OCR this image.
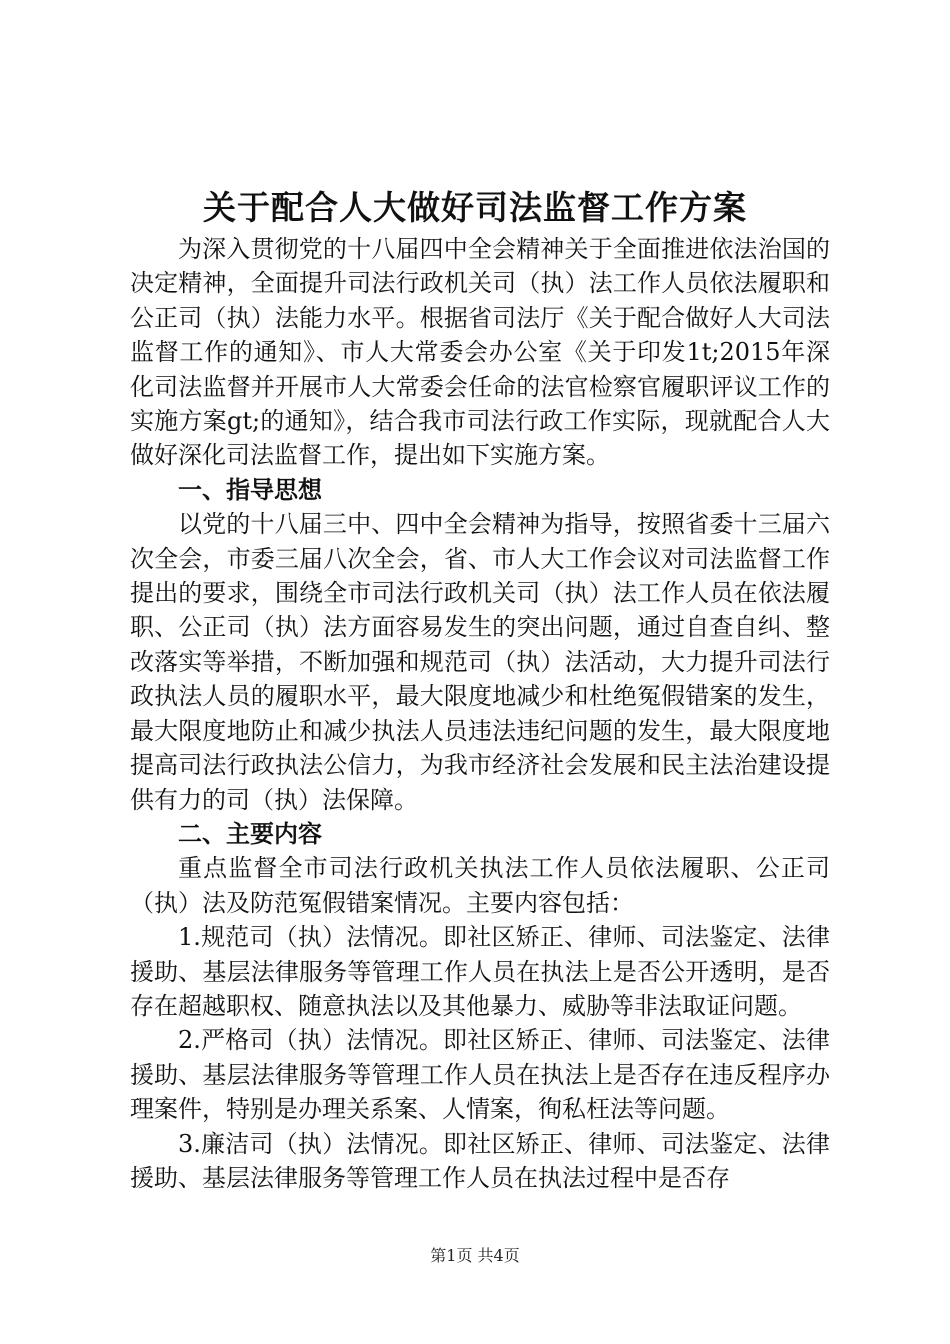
关于配合人大做好司法监督工作方案

为深入贯彻党的十八届四中全会精神关于全面推进依法治国的决定精神，全面提升司法行政机关司（执）法工作人员依法履职和公正司（执）法能力水平。根据省司法厅《关于配合做好人大司法监督工作的通知》、市人大常委会办公室《关于印发1t;2015年深化司法监督并开展市人大常委会任命的法官检察官履职评议工作的实施方案gt;的通知》，结合我市司法行政工作实际，现就配合人大做好深化司法监督工作，提出如下实施方案。

一、指导思想

以党的十八届三中、四中全会精神为指导，按照省委十三届六次全会，市委三届八次全会，省、市人大工作会议对司法监督工作提出的要求，围绕全市司法行政机关司（执）法工作人员在依法履职、公正司（执）法方面容易发生的突出问题，通过自查自纠、整改落实等举措，不断加强和规范司（执）法活动，大力提升司法行政执法人员的履职水平，最大限度地减少和杜绝冤假错案的发生，最大限度地防止和减少执法人员违法违纪问题的发生，最大限度地提高司法行政执法公信力，为我市经济社会发展和民主法治建设提供有力的司（执）法保障。

二、主要内容

重点监督全市司法行政机关执法工作人员依法履职、公正司（执）法及防范冤假错案情况。主要内容包括：

1.规范司（执）法情况。即社区矫正、律师、司法鉴定、法律援助、基层法律服务等管理工作人员在执法上是否公开透明，是否存在超越职权、随意执法以及其他暴力、威胁等非法取证问题。

2.严格司（执）法情况。即社区矫正、律师、司法鉴定、法律援助、基层法律服务等管理工作人员在执法上是否存在违反程序办理案件，特别是办理关系案、人情案，徇私枉法等问题。

3.廉洁司（执）法情况。即社区矫正、律师、司法鉴定、法律援助、基层法律服务等管理工作人员在执法过程中是否存

第1页 共4页
